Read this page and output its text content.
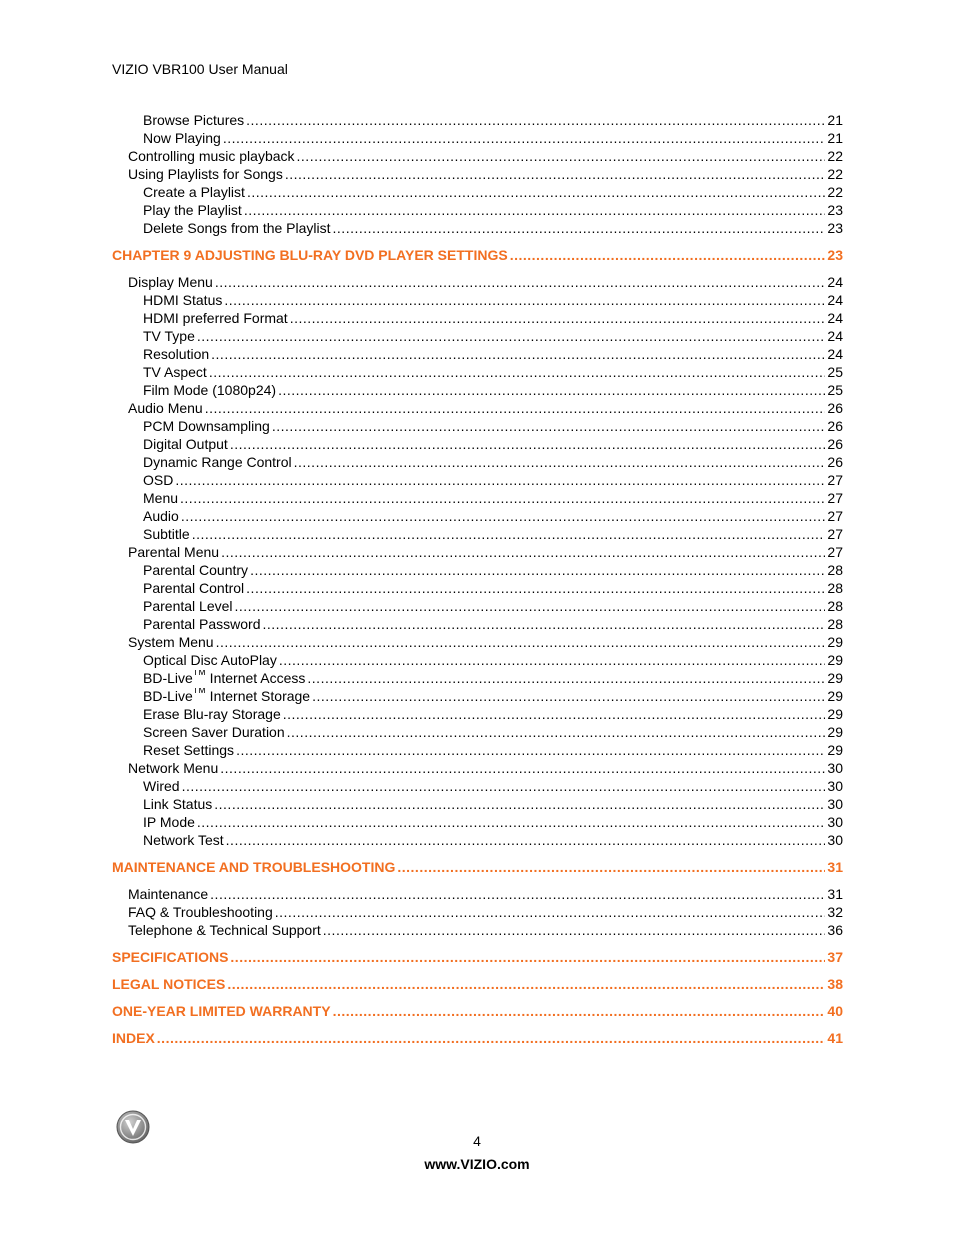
VIZIO VBR100 User Manual
Browse Pictures .....	21
Now Playing .....	21
Controlling music playback .....	22
Using Playlists for Songs .....	22
Create a Playlist .....	22
Play the Playlist .....	23
Delete Songs from the Playlist .....	23
CHAPTER 9 ADJUSTING BLU-RAY DVD PLAYER SETTINGS .....	23
Display Menu .....	24
HDMI Status .....	24
HDMI preferred Format .....	24
TV Type .....	24
Resolution .....	24
TV Aspect .....	25
Film Mode (1080p24) .....	25
Audio Menu .....	26
PCM Downsampling .....	26
Digital Output .....	26
Dynamic Range Control .....	26
OSD .....	27
Menu .....	27
Audio .....	27
Subtitle .....	27
Parental Menu .....	27
Parental Country .....	28
Parental Control .....	28
Parental Level .....	28
Parental Password .....	28
System Menu .....	29
Optical Disc AutoPlay .....	29
BD-Live™ Internet Access .....	29
BD-Live™ Internet Storage .....	29
Erase Blu-ray Storage .....	29
Screen Saver Duration .....	29
Reset Settings .....	29
Network Menu .....	30
Wired .....	30
Link Status .....	30
IP Mode .....	30
Network Test .....	30
MAINTENANCE AND TROUBLESHOOTING .....	31
Maintenance .....	31
FAQ & Troubleshooting .....	32
Telephone & Technical Support .....	36
SPECIFICATIONS .....	37
LEGAL NOTICES .....	38
ONE-YEAR LIMITED WARRANTY .....	40
INDEX .....	41
4
www.VIZIO.com
